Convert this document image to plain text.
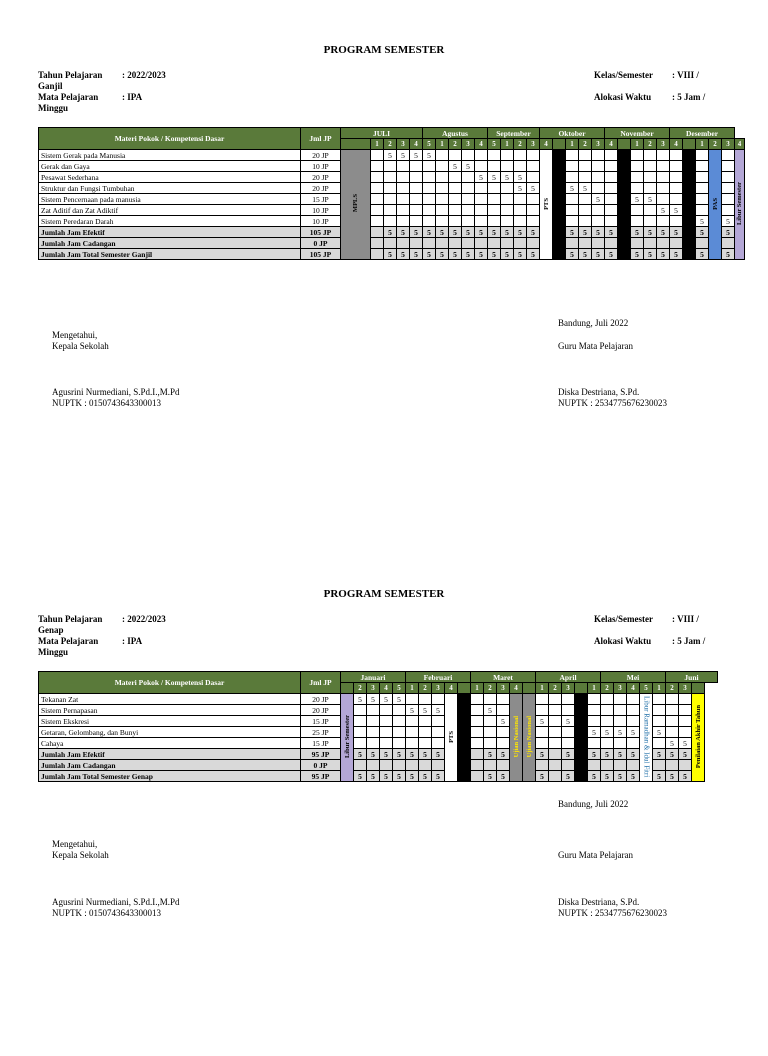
PROGRAM SEMESTER
Tahun Pelajaran : 2022/2023
Ganjil
Mata Pelajaran	: IPA
Minggu
Kelas/Semester : VIII /

Alokasi Waktu : 5 Jam /
Materi Pokok / Kompetensi Dasar	Jml JP	JULI					Agustus					September				Oktober					November					Desember					
			1	2	3	4	5	1	2	3	4	5	1	2	3	4		1	2	3	4		1	2	3	4		1	2	3	4
Sistem Gerak pada Manusia	20 JP	MPLS		5	5	5	5									PTS													PAS		Libur Semester
Gerak dan Gaya	10 JP								5	5																					
Pesawat Sederhana	20 JP										5	5	5	5																	
Struktur dan Fungsi Tumbuhan	20 JP													5	5			5	5												
Sistem Pencernaan pada manusia	15 JP																			5			5	5							
Zat Aditif dan Zat Adiktif	10 JP																								5	5					
Sistem Peredaran Darah	10 JP																											5		5	
Jumlah Jam Efektif	105 JP			5	5	5	5	5	5	5	5	5	5	5	5			5	5	5	5		5	5	5	5		5		5	
Jumlah Jam Cadangan	0 JP																														
Jumlah Jam Total Semester Ganjil	105 JP			5	5	5	5	5	5	5	5	5	5	5	5			5	5	5	5		5	5	5	5		5		5	
Bandung, Juli 2022
Mengetahui,
Kepala Sekolah	Guru Mata Pelajaran
Agusrini Nurmediani, S.Pd.I.,M.Pd
NUPTK : 0150743643300013
Diska Destriana, S.Pd.
NUPTK : 2534775676230023
PROGRAM SEMESTER
Tahun Pelajaran : 2022/2023
Genap
Mata Pelajaran	: IPA
Minggu
Kelas/Semester : VIII /

Alokasi Waktu : 5 Jam /
Materi Pokok / Kompetensi Dasar	Jml JP	Januari					Februari					Maret					April					Mei					Juni		
			2	3	4	5	1	2	3	4		1	2	3	4		1	2	3		1	2	3	4	5	1	2	3	
Tekanan Zat	20 JP	Libur Semester	5	5	5	5				PTS					Ujian Nasional	Ujian Nasional									Libur Ramadhan & Idul Fitri				Penilaian Akhir Tahun
Sistem Pernapasan	20 JP						5	5	5				5																
Sistem Ekskresi	15 JP													5			5		5										
Getaran, Gelombang, dan Bunyi	25 JP																				5	5	5	5		5			
Cahaya	15 JP																										5	5	
Jumlah Jam Efektif	95 JP		5	5	5	5	5	5	5				5	5			5		5		5	5	5	5		5	5	5	
Jumlah Jam Cadangan	0 JP																												
Jumlah Jam Total Semester Genap	95 JP		5	5	5	5	5	5	5				5	5			5		5		5	5	5	5		5	5	5	
Bandung, Juli 2022
Mengetahui,
Kepala Sekolah	Guru Mata Pelajaran
Agusrini Nurmediani, S.Pd.I.,M.Pd
NUPTK : 0150743643300013
Diska Destriana, S.Pd.
NUPTK : 2534775676230023
